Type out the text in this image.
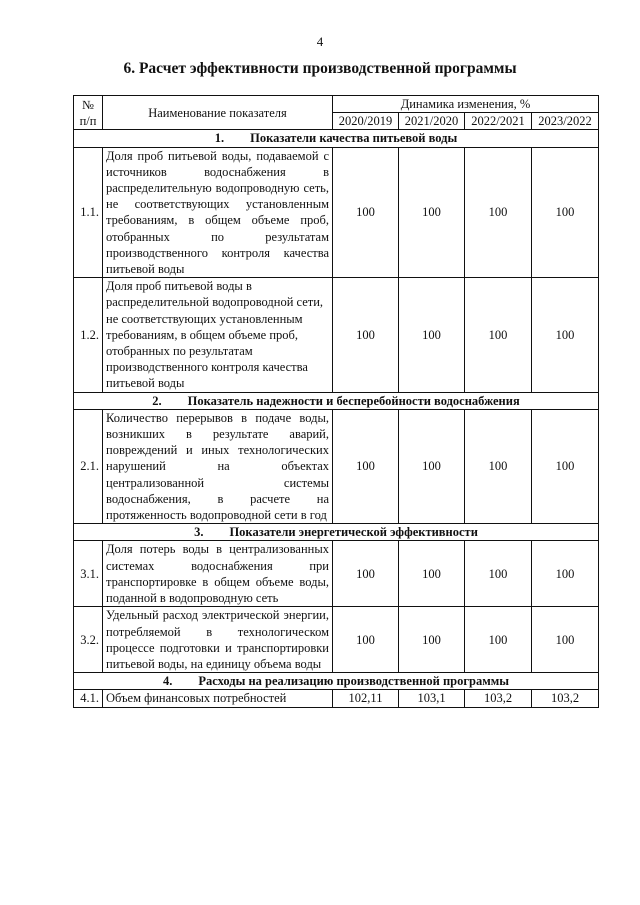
4
6. Расчет эффективности производственной программы
№ п/п	Наименование показателя	Динамика изменения, %			
		2020/2019	2021/2020	2022/2021	2023/2022
1. Показатели качества питьевой воды					
1.1.	Доля проб питьевой воды, подаваемой с источников водоснабжения в распределительную водопроводную сеть, не соответствующих установленным требованиям, в общем объеме проб, отобранных по результатам производственного контроля качества питьевой воды	100	100	100	100
1.2.	Доля проб питьевой воды в распределительной водопроводной сети, не соответствующих установленным требованиям, в общем объеме проб, отобранных по результатам производственного контроля качества питьевой воды	100	100	100	100
2. Показатель надежности и бесперебойности водоснабжения					
2.1.	Количество перерывов в подаче воды, возникших в результате аварий, повреждений и иных технологических нарушений на объектах централизованной системы водоснабжения, в расчете на протяженность водопроводной сети в год	100	100	100	100
3. Показатели энергетической эффективности					
3.1.	Доля потерь воды в централизованных системах водоснабжения при транспортировке в общем объеме воды, поданной в водопроводную сеть	100	100	100	100
3.2.	Удельный расход электрической энергии, потребляемой в технологическом процессе подготовки и транспортировки питьевой воды, на единицу объема воды	100	100	100	100
4. Расходы на реализацию производственной программы					
4.1.	Объем финансовых потребностей	102,11	103,1	103,2	103,2
